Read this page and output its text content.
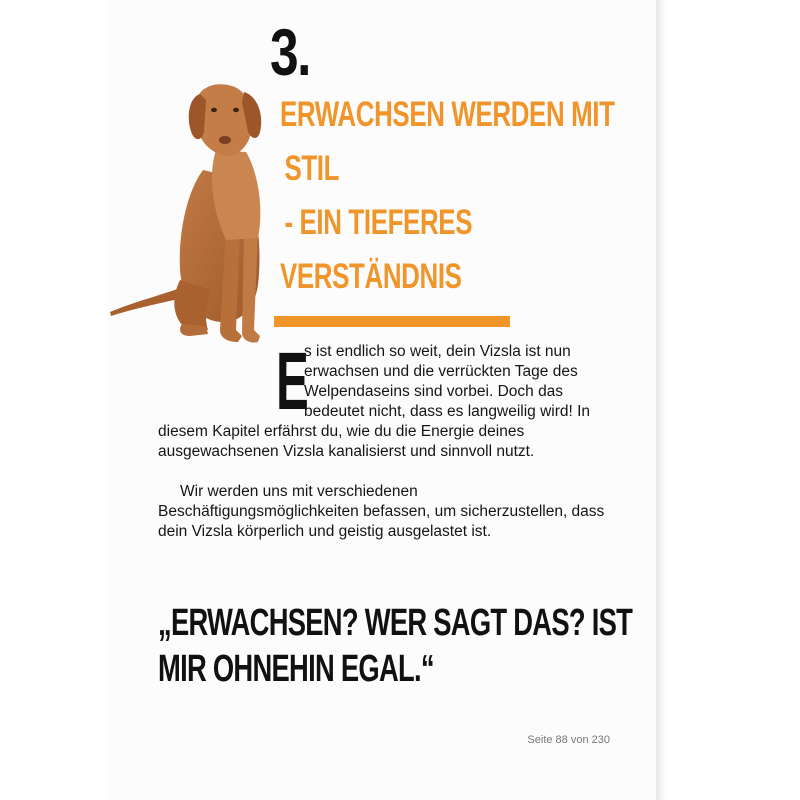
3.
ERWACHSEN WERDEN MIT
STIL
- EIN TIEFERES
VERSTÄNDNIS
E
s ist endlich so weit, dein Vizsla ist nun erwachsen und die verrückten Tage des Welpendaseins sind vorbei. Doch das bedeutet nicht, dass es langweilig wird! In diesem Kapitel erfährst du, wie du die Energie deines ausgewachsenen Vizsla kanalisierst und sinnvoll nutzt.
Wir werden uns mit verschiedenen Beschäftigungsmöglichkeiten befassen, um sicherzustellen, dass dein Vizsla körperlich und geistig ausgelastet ist.
„ERWACHSEN? WER SAGT DAS? IST
MIR OHNEHIN EGAL.“
Seite 88 von 230
